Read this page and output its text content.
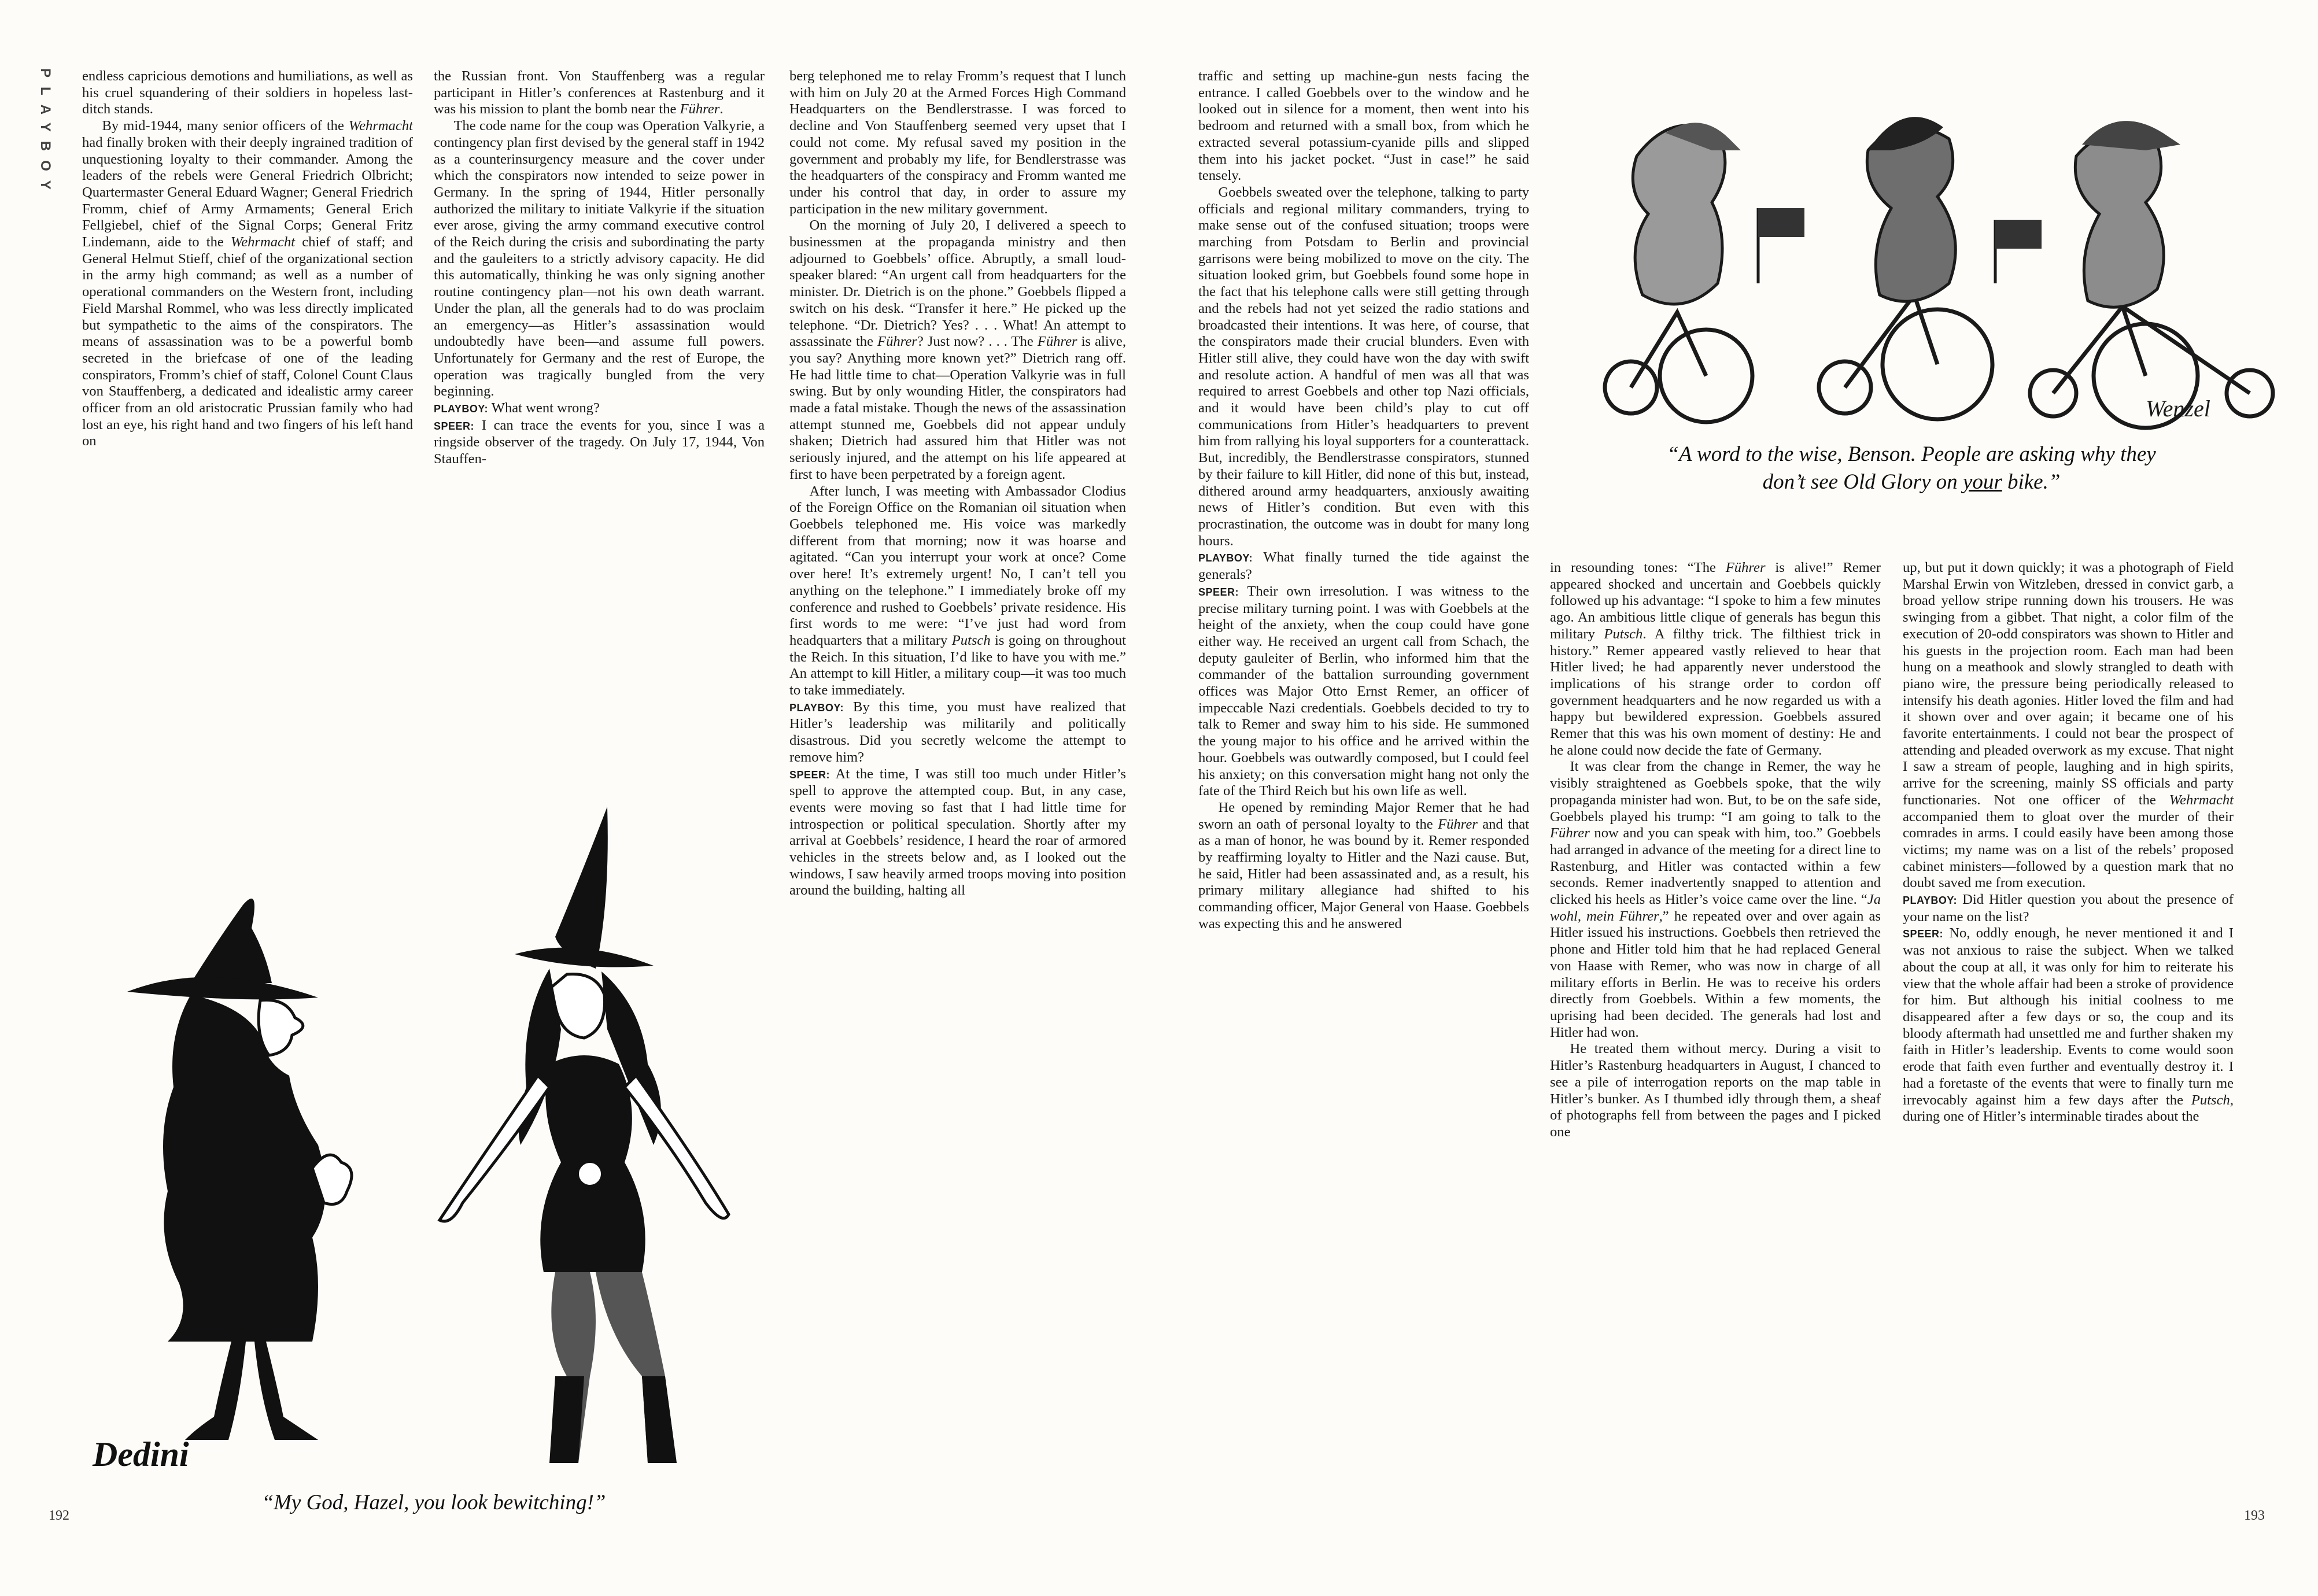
PLAYBOY endless capricious demotions and humiliations, as well as his cruel squandering of their soldiers in hopeless last-ditch stands.

By mid-1944, many senior officers of the Wehrmacht had finally broken with their deeply ingrained tradition of unquestioning loyalty to their commander. Among the leaders of the rebels were General Friedrich Olbricht; Quartermaster General Eduard Wagner; General Friedrich Fromm, chief of Army Armaments; General Erich Fellgiebel, chief of the Signal Corps; General Fritz Lindemann, aide to the Wehrmacht chief of staff; and General Helmut Stieff, chief of the organizational section in the army high command; as well as a number of operational commanders on the Western front, including Field Marshal Rommel, who was less directly implicated but sympathetic to the aims of the conspirators. The means of assassination was to be a powerful bomb secreted in the briefcase of one of the leading conspirators, Fromm’s chief of staff, Colonel Count Claus von Stauffenberg, a dedicated and idealistic army career officer from an old aristocratic Prussian family who had lost an eye, his right hand and two fingers of his left hand on

the Russian front. Von Stauffenberg was a regular participant in Hitler’s conferences at Rastenburg and it was his mission to plant the bomb near the Führer.

The code name for the coup was Operation Valkyrie, a contingency plan first devised by the general staff in 1942 as a counterinsurgency measure and the cover under which the conspirators now intended to seize power in Germany. In the spring of 1944, Hitler personally authorized the military to initiate Valkyrie if the situation ever arose, giving the army command executive control of the Reich during the crisis and subordinating the party and the gauleiters to a strictly advisory capacity. He did this automatically, thinking he was only signing another routine contingency plan—not his own death warrant. Under the plan, all the generals had to do was proclaim an emergency—as Hitler’s assassination would undoubtedly have been—and assume full powers. Unfortunately for Germany and the rest of Europe, the operation was tragically bungled from the very beginning.

PLAYBOY: What went wrong?

SPEER: I can trace the events for you, since I was a ringside observer of the tragedy. On July 17, 1944, Von Stauffen-

berg telephoned me to relay Fromm’s request that I lunch with him on July 20 at the Armed Forces High Command Headquarters on the Bendlerstrasse. I was forced to decline and Von Stauffenberg seemed very upset that I could not come. My refusal saved my position in the government and probably my life, for Bendlerstrasse was the headquarters of the conspiracy and Fromm wanted me under his control that day, in order to assure my participation in the new military government.

On the morning of July 20, I delivered a speech to businessmen at the propaganda ministry and then adjourned to Goebbels’ office. Abruptly, a small loud-speaker blared: “An urgent call from headquarters for the minister. Dr. Dietrich is on the phone.” Goebbels flipped a switch on his desk. “Transfer it here.” He picked up the telephone. “Dr. Dietrich? Yes? . . . What! An attempt to assassinate the Führer? Just now? . . . The Führer is alive, you say? Anything more known yet?” Dietrich rang off. He had little time to chat—Operation Valkyrie was in full swing. But by only wounding Hitler, the conspirators had made a fatal mistake. Though the news of the assassination attempt stunned me, Goebbels did not appear unduly shaken; Dietrich had assured him that Hitler was not seriously injured, and the attempt on his life appeared at first to have been perpetrated by a foreign agent.

After lunch, I was meeting with Ambassador Clodius of the Foreign Office on the Romanian oil situation when Goebbels telephoned me. His voice was markedly different from that morning; now it was hoarse and agitated. “Can you interrupt your work at once? Come over here! It’s extremely urgent! No, I can’t tell you anything on the telephone.” I immediately broke off my conference and rushed to Goebbels’ private residence. His first words to me were: “I’ve just had word from headquarters that a military Putsch is going on throughout the Reich. In this situation, I’d like to have you with me.” An attempt to kill Hitler, a military coup—it was too much to take immediately.

PLAYBOY: By this time, you must have realized that Hitler’s leadership was militarily and politically disastrous. Did you secretly welcome the attempt to remove him?

SPEER: At the time, I was still too much under Hitler’s spell to approve the attempted coup. But, in any case, events were moving so fast that I had little time for introspection or political speculation. Shortly after my arrival at Goebbels’ residence, I heard the roar of armored vehicles in the streets below and, as I looked out the windows, I saw heavily armed troops moving into position around the building, halting all

traffic and setting up machine-gun nests facing the entrance. I called Goebbels over to the window and he looked out in silence for a moment, then went into his bedroom and returned with a small box, from which he extracted several potassium-cyanide pills and slipped them into his jacket pocket. “Just in case!” he said tensely.

Goebbels sweated over the telephone, talking to party officials and regional military commanders, trying to make sense out of the confused situation; troops were marching from Potsdam to Berlin and provincial garrisons were being mobilized to move on the city. The situation looked grim, but Goebbels found some hope in the fact that his telephone calls were still getting through and the rebels had not yet seized the radio stations and broadcasted their intentions. It was here, of course, that the conspirators made their crucial blunders. Even with Hitler still alive, they could have won the day with swift and resolute action. A handful of men was all that was required to arrest Goebbels and other top Nazi officials, and it would have been child’s play to cut off communications from Hitler’s headquarters to prevent him from rallying his loyal supporters for a counterattack. But, incredibly, the Bendlerstrasse conspirators, stunned by their failure to kill Hitler, did none of this but, instead, dithered around army headquarters, anxiously awaiting news of Hitler’s condition. But even with this procrastination, the outcome was in doubt for many long hours.

PLAYBOY: What finally turned the tide against the generals?

SPEER: Their own irresolution. I was witness to the precise military turning point. I was with Goebbels at the height of the anxiety, when the coup could have gone either way. He received an urgent call from Schach, the deputy gauleiter of Berlin, who informed him that the commander of the battalion surrounding government offices was Major Otto Ernst Remer, an officer of impeccable Nazi credentials. Goebbels decided to try to talk to Remer and sway him to his side. He summoned the young major to his office and he arrived within the hour. Goebbels was outwardly composed, but I could feel his anxiety; on this conversation might hang not only the fate of the Third Reich but his own life as well.

He opened by reminding Major Remer that he had sworn an oath of personal loyalty to the Führer and that as a man of honor, he was bound by it. Remer responded by reaffirming loyalty to Hitler and the Nazi cause. But, he said, Hitler had been assassinated and, as a result, his primary military allegiance had shifted to his commanding officer, Major General von Haase. Goebbels was expecting this and he answered

in resounding tones: “The Führer is alive!” Remer appeared shocked and uncertain and Goebbels quickly followed up his advantage: “I spoke to him a few minutes ago. An ambitious little clique of generals has begun this military Putsch. A filthy trick. The filthiest trick in history.” Remer appeared vastly relieved to hear that Hitler lived; he had apparently never understood the implications of his strange order to cordon off government headquarters and he now regarded us with a happy but bewildered expression. Goebbels assured Remer that this was his own moment of destiny: He and he alone could now decide the fate of Germany.

It was clear from the change in Remer, the way he visibly straightened as Goebbels spoke, that the wily propaganda minister had won. But, to be on the safe side, Goebbels played his trump: “I am going to talk to the Führer now and you can speak with him, too.” Goebbels had arranged in advance of the meeting for a direct line to Rastenburg, and Hitler was contacted within a few seconds. Remer inadvertently snapped to attention and clicked his heels as Hitler’s voice came over the line. “Ja wohl, mein Führer,” he repeated over and over again as Hitler issued his instructions. Goebbels then retrieved the phone and Hitler told him that he had replaced General von Haase with Remer, who was now in charge of all military efforts in Berlin. He was to receive his orders directly from Goebbels. Within a few moments, the uprising had been decided. The generals had lost and Hitler had won.

He treated them without mercy. During a visit to Hitler’s Rastenburg headquarters in August, I chanced to see a pile of interrogation reports on the map table in Hitler’s bunker. As I thumbed idly through them, a sheaf of photographs fell from between the pages and I picked one

up, but put it down quickly; it was a photograph of Field Marshal Erwin von Witzleben, dressed in convict garb, a broad yellow stripe running down his trousers. He was swinging from a gibbet. That night, a color film of the execution of 20-odd conspirators was shown to Hitler and his guests in the projection room. Each man had been hung on a meathook and slowly strangled to death with piano wire, the pressure being periodically released to intensify his death agonies. Hitler loved the film and had it shown over and over again; it became one of his favorite entertainments. I could not bear the prospect of attending and pleaded overwork as my excuse. That night I saw a stream of people, laughing and in high spirits, arrive for the screening, mainly SS officials and party functionaries. Not one officer of the Wehrmacht accompanied them to gloat over the murder of their comrades in arms. I could easily have been among those victims; my name was on a list of the rebels’ proposed cabinet ministers—followed by a question mark that no doubt saved me from execution.

PLAYBOY: Did Hitler question you about the presence of your name on the list?

SPEER: No, oddly enough, he never mentioned it and I was not anxious to raise the subject. When we talked about the coup at all, it was only for him to reiterate his view that the whole affair had been a stroke of providence for him. But although his initial coolness to me disappeared after a few days or so, the coup and its bloody aftermath had unsettled me and further shaken my faith in Hitler’s leadership. Events to come would soon erode that faith even further and eventually destroy it. I had a foretaste of the events that were to finally turn me irrevocably against him a few days after the Putsch, during one of Hitler’s interminable tirades about the

Dedini
“My God, Hazel, you look bewitching!”
Wenzel
“A word to the wise, Benson. People are asking why they
don’t see Old Glory on your bike.”
192	193
